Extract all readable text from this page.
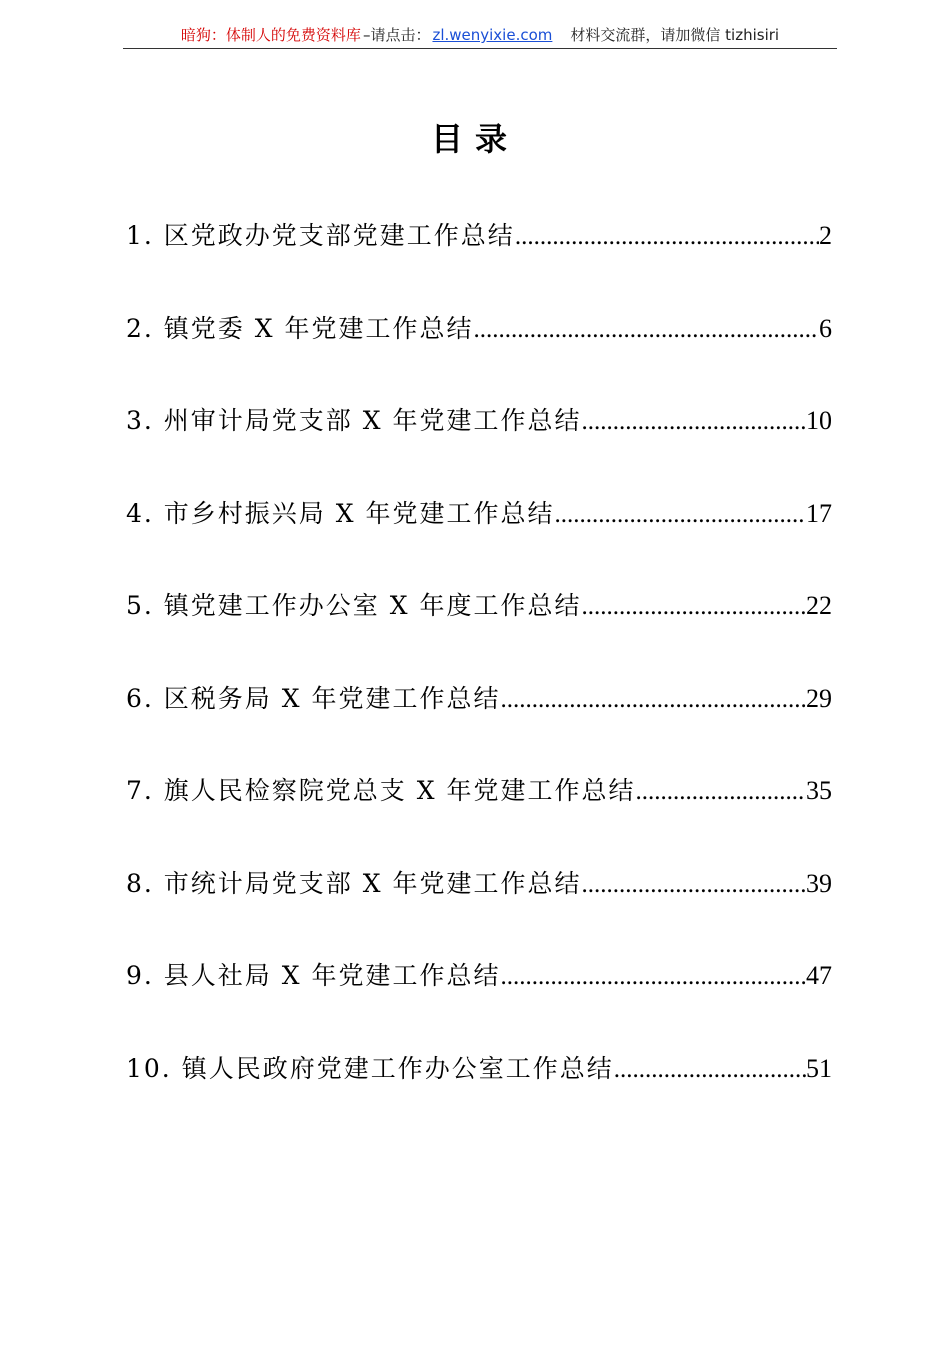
暗狗：体制人的免费资料库 –请点击： zl.wenyixie.com 材料交流群，请加微信 tizhisiri
目录
1. 区党政办党支部党建工作总结 .....	2
2. 镇党委 X 年党建工作总结 .....	6
3. 州审计局党支部 X 年党建工作总结 .....	10
4. 市乡村振兴局 X 年党建工作总结 .....	17
5. 镇党建工作办公室 X 年度工作总结 .....	22
6. 区税务局 X 年党建工作总结 .....	29
7. 旗人民检察院党总支 X 年党建工作总结 .....	35
8. 市统计局党支部 X 年党建工作总结 .....	39
9. 县人社局 X 年党建工作总结 .....	47
10. 镇人民政府党建工作办公室工作总结 .....	51
